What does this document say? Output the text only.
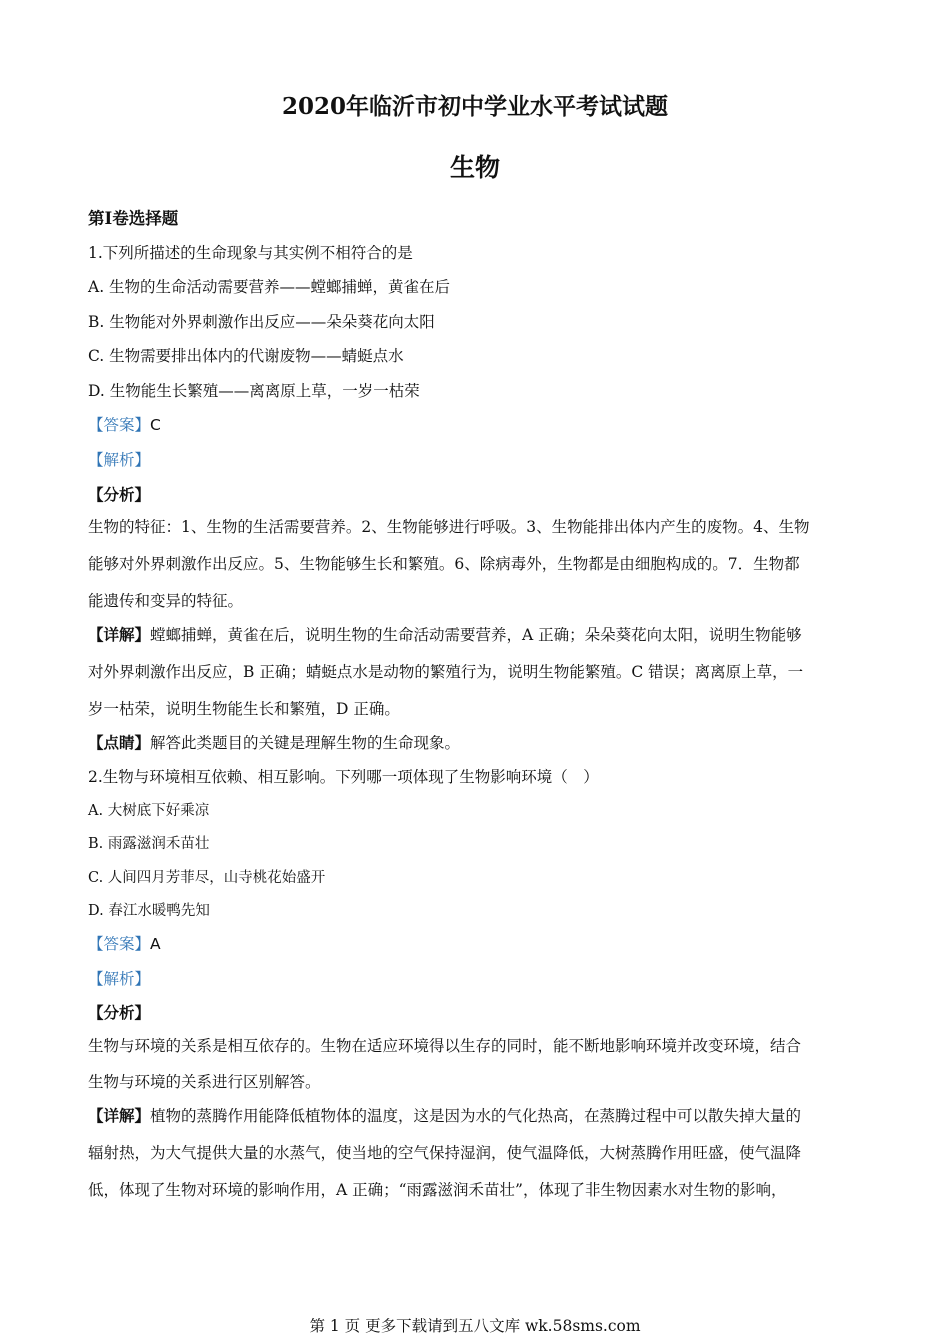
2020年临沂市初中学业水平考试试题
生物
第Ⅰ卷选择题
1.下列所描述的生命现象与其实例不相符合的是
A. 生物的生命活动需要营养——螳螂捕蝉，黄雀在后
B. 生物能对外界刺激作出反应——朵朵葵花向太阳
C. 生物需要排出体内的代谢废物——蜻蜓点水
D. 生物能生长繁殖——离离原上草，一岁一枯荣
【答案】C
【解析】
【分析】
生物的特征：1、生物的生活需要营养。2、生物能够进行呼吸。3、生物能排出体内产生的废物。4、生物
能够对外界刺激作出反应。5、生物能够生长和繁殖。6、除病毒外，生物都是由细胞构成的。7．生物都
能遗传和变异的特征。
【详解】螳螂捕蝉，黄雀在后，说明生物的生命活动需要营养，A 正确；朵朵葵花向太阳，说明生物能够
对外界刺激作出反应，B 正确；蜻蜓点水是动物的繁殖行为，说明生物能繁殖。C 错误；离离原上草，一
岁一枯荣，说明生物能生长和繁殖，D 正确。
【点睛】解答此类题目的关键是理解生物的生命现象。
2.生物与环境相互依赖、相互影响。下列哪一项体现了生物影响环境（　）
A. 大树底下好乘凉
B. 雨露滋润禾苗壮
C. 人间四月芳菲尽，山寺桃花始盛开
D. 春江水暖鸭先知
【答案】A
【解析】
【分析】
生物与环境的关系是相互依存的。生物在适应环境得以生存的同时，能不断地影响环境并改变环境，结合
生物与环境的关系进行区别解答。
【详解】植物的蒸腾作用能降低植物体的温度，这是因为水的气化热高，在蒸腾过程中可以散失掉大量的
辐射热，为大气提供大量的水蒸气，使当地的空气保持湿润，使气温降低，大树蒸腾作用旺盛，使气温降
低，体现了生物对环境的影响作用，A 正确；“雨露滋润禾苗壮”，体现了非生物因素水对生物的影响，
第 1 页 更多下载请到五八文库 wk.58sms.com
